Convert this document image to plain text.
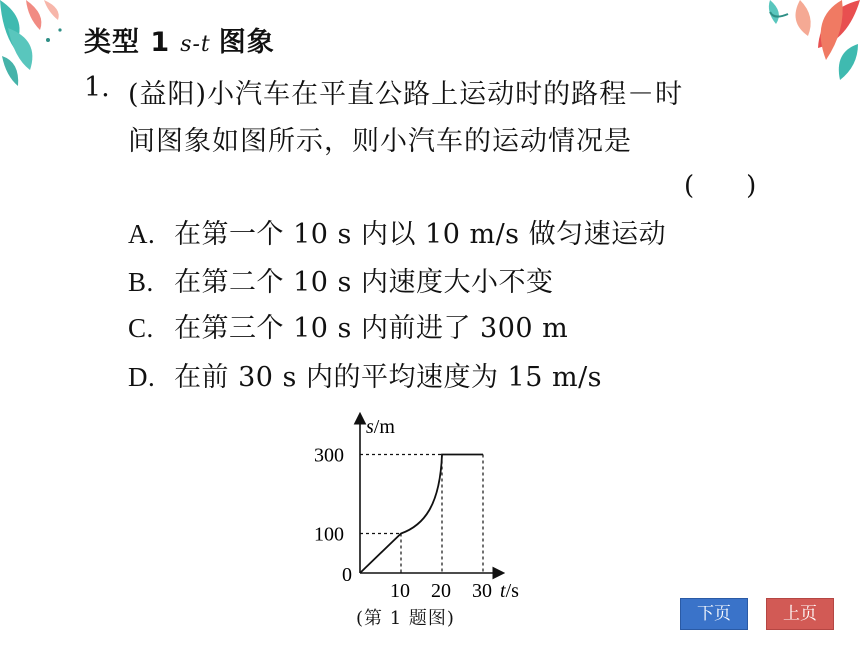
类型 1 s-t 图象
1. (益阳)小汽车在平直公路上运动时的路程－时
间图象如图所示，则小汽车的运动情况是
(　　)
A. 在第一个 10 s 内以 10 m/s 做匀速运动
B. 在第二个 10 s 内速度大小不变
C. 在第三个 10 s 内前进了 300 m
D. 在前 30 s 内的平均速度为 15 m/s
s/m
t/s
0
10 20 30
100
300
(第 1 题图)	下页	上页
